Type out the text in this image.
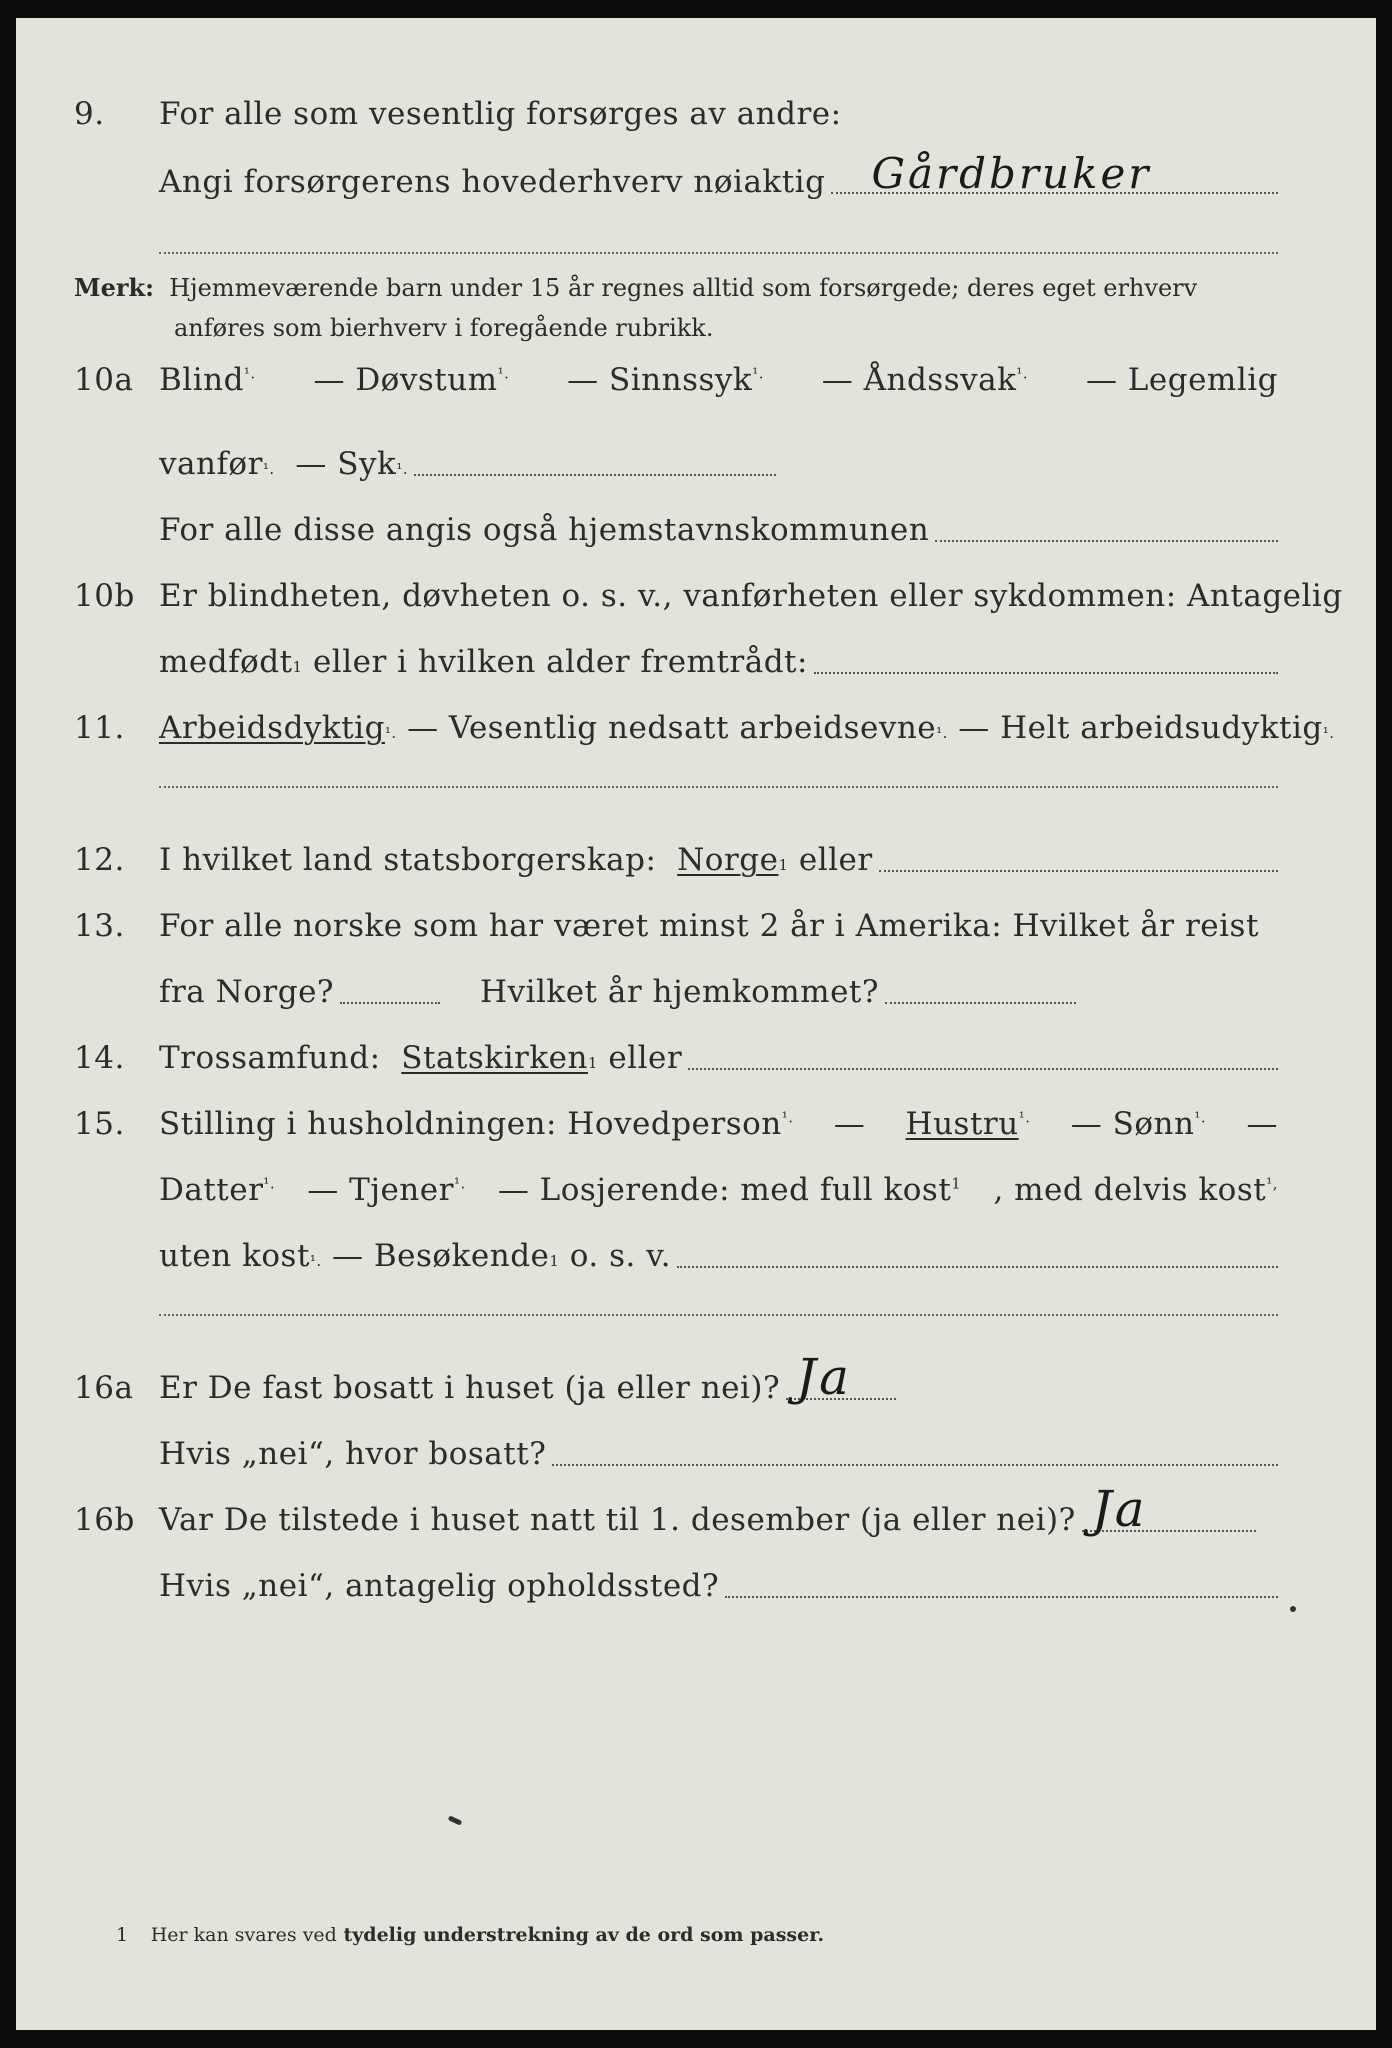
9. For alle som vesentlig forsørges av andre:
Angi forsørgerens hovederhverv nøiaktig Gårdbruker
Merk: Hjemmeværende barn under 15 år regnes alltid som forsørgede; deres eget erhverv
anføres som bierhverv i foregående rubrikk.
10a Blind$^{^1.}$ — Døvstum$^{^1.}$ — Sinnssyk$^{^1.}$ — Åndssvak$^{^1.}$ — Legemlig
vanfør ¹.
— Syk ¹.
For alle disse angis også hjemstavnskommunen
10b Er blindheten, døvheten o. s. v., vanførheten eller sykdommen: Antagelig
medfødt 1
eller i hvilken alder fremtrådt:
11. Arbeidsdyktig ¹.
— Vesentlig nedsatt arbeidsevne ¹.
— Helt arbeidsudyktig ¹.
12. I hvilket land statsborgerskap:
Norge 1
eller
13. For alle norske som har været minst 2 år i Amerika: Hvilket år reist
fra Norge?	Hvilket år hjemkommet?
14. Trossamfund:
Statskirken 1
eller
15. Stilling i husholdningen: Hovedperson$^{^1.}$ — Hustru$^{^1.}$ — Sønn$^{^1.}$ —
Datter$^{^1.}$ — Tjener$^{^1.}$ — Losjerende: med full kost$^1$ , med delvis kost$^{^1,}$
uten kost ¹.
— Besøkende 1
o. s. v.
16a Er De fast bosatt i huset (ja eller nei)? Ja
Hvis „nei“, hvor bosatt?
16b Var De tilstede i huset natt til 1. desember (ja eller nei)? Ja
Hvis „nei“, antagelig opholdssted?
1 Her kan svares ved tydelig understrekning av de ord som passer.
